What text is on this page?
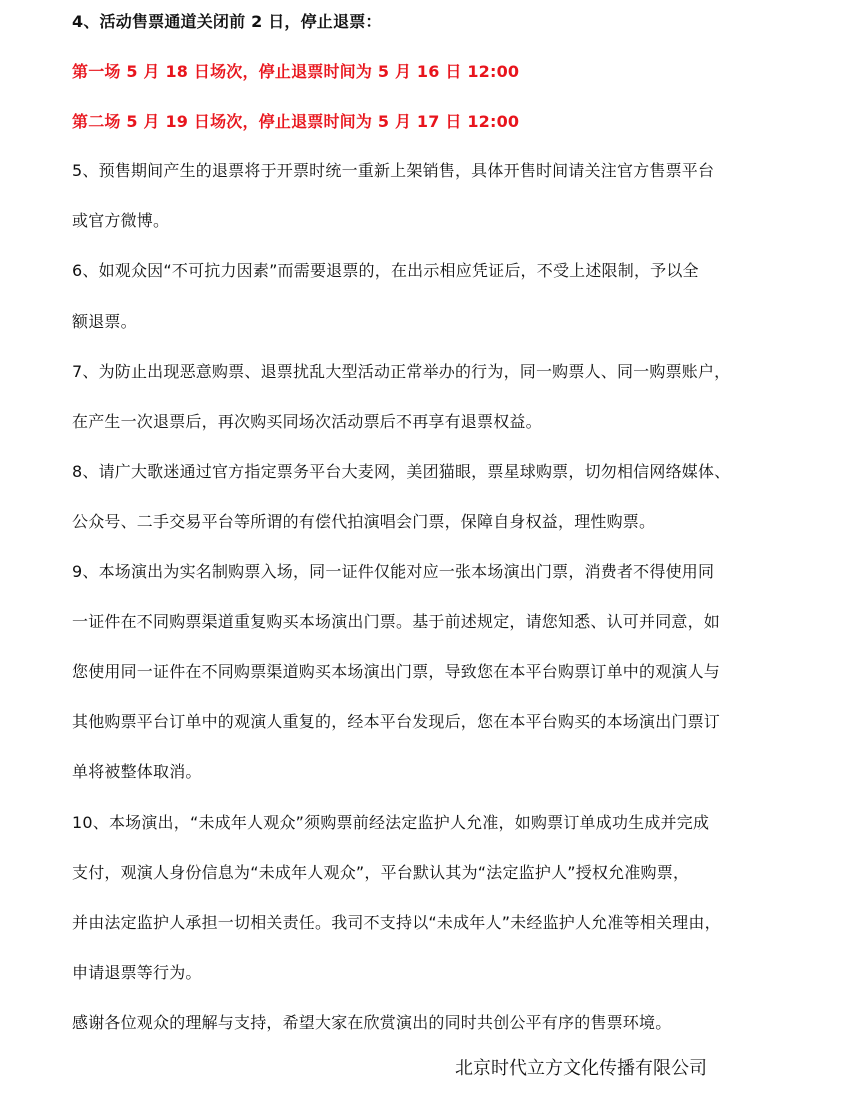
4、活动售票通道关闭前 2 日，停止退票：
第一场 5 月 18 日场次，停止退票时间为 5 月 16 日 12:00
第二场 5 月 19 日场次，停止退票时间为 5 月 17 日 12:00
5、预售期间产生的退票将于开票时统一重新上架销售，具体开售时间请关注官方售票平台
或官方微博。
6、如观众因“不可抗力因素”而需要退票的，在出示相应凭证后，不受上述限制，予以全
额退票。
7、为防止出现恶意购票、退票扰乱大型活动正常举办的行为，同一购票人、同一购票账户，
在产生一次退票后，再次购买同场次活动票后不再享有退票权益。
8、请广大歌迷通过官方指定票务平台大麦网，美团猫眼，票星球购票，切勿相信网络媒体、
公众号、二手交易平台等所谓的有偿代拍演唱会门票，保障自身权益，理性购票。
9、本场演出为实名制购票入场，同一证件仅能对应一张本场演出门票，消费者不得使用同
一证件在不同购票渠道重复购买本场演出门票。基于前述规定，请您知悉、认可并同意，如
您使用同一证件在不同购票渠道购买本场演出门票，导致您在本平台购票订单中的观演人与
其他购票平台订单中的观演人重复的，经本平台发现后，您在本平台购买的本场演出门票订
单将被整体取消。
10、本场演出，“未成年人观众”须购票前经法定监护人允准，如购票订单成功生成并完成
支付，观演人身份信息为“未成年人观众”，平台默认其为“法定监护人”授权允准购票，
并由法定监护人承担一切相关责任。我司不支持以“未成年人”未经监护人允准等相关理由，
申请退票等行为。
感谢各位观众的理解与支持，希望大家在欣赏演出的同时共创公平有序的售票环境。
北京时代立方文化传播有限公司
